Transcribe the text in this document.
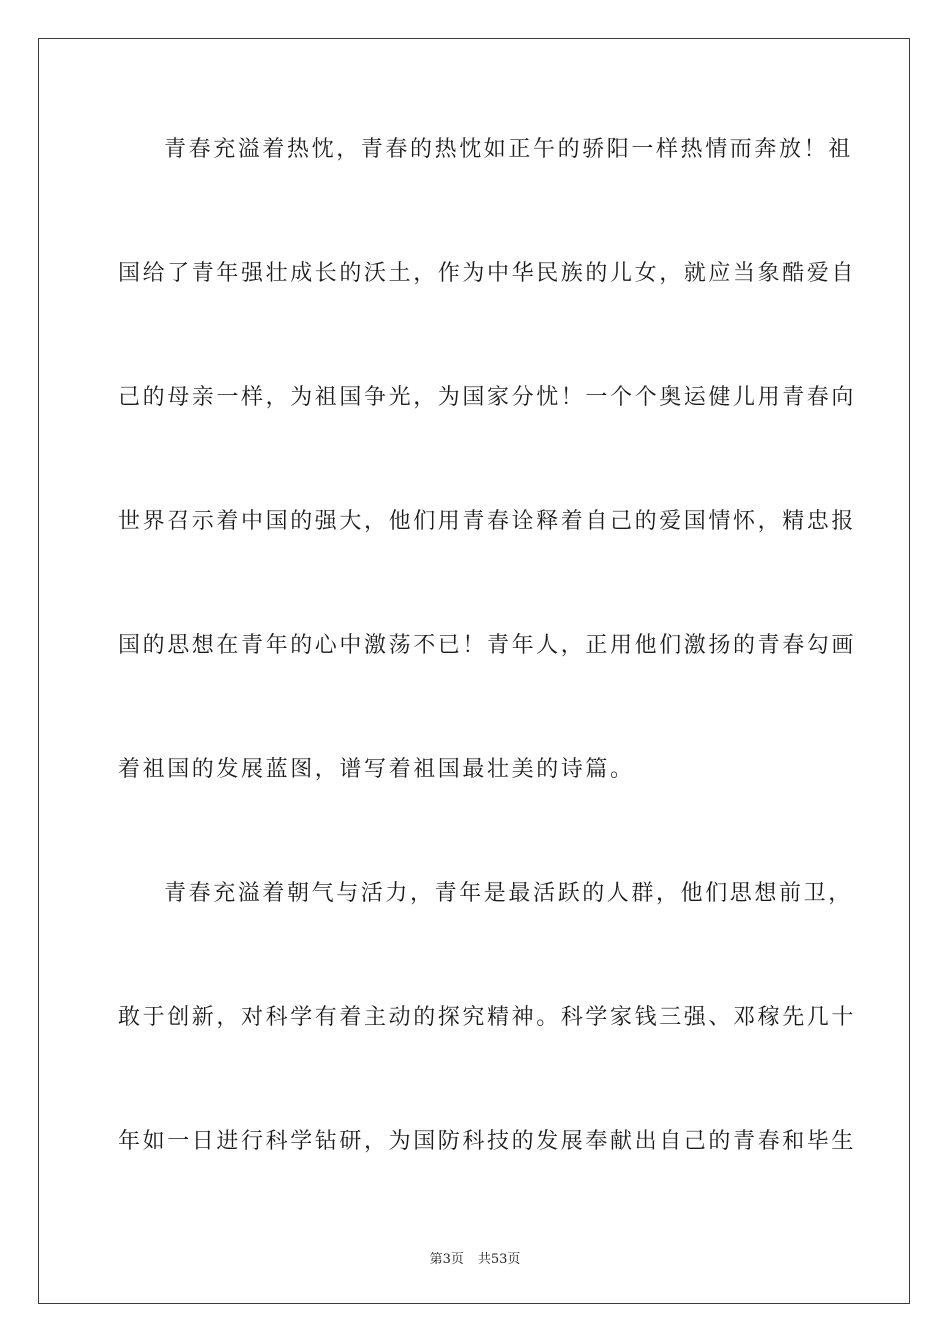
青春充溢着热忱，青春的热忱如正午的骄阳一样热情而奔放！祖
国给了青年强壮成长的沃土，作为中华民族的儿女，就应当象酷爱自
己的母亲一样，为祖国争光，为国家分忧！一个个奥运健儿用青春向
世界召示着中国的强大，他们用青春诠释着自己的爱国情怀，精忠报
国的思想在青年的心中激荡不已！青年人，正用他们激扬的青春勾画
着祖国的发展蓝图，谱写着祖国最壮美的诗篇。
青春充溢着朝气与活力，青年是最活跃的人群，他们思想前卫，
敢于创新，对科学有着主动的探究精神。科学家钱三强、邓稼先几十
年如一日进行科学钻研，为国防科技的发展奉献出自己的青春和毕生
第3页 共53页
